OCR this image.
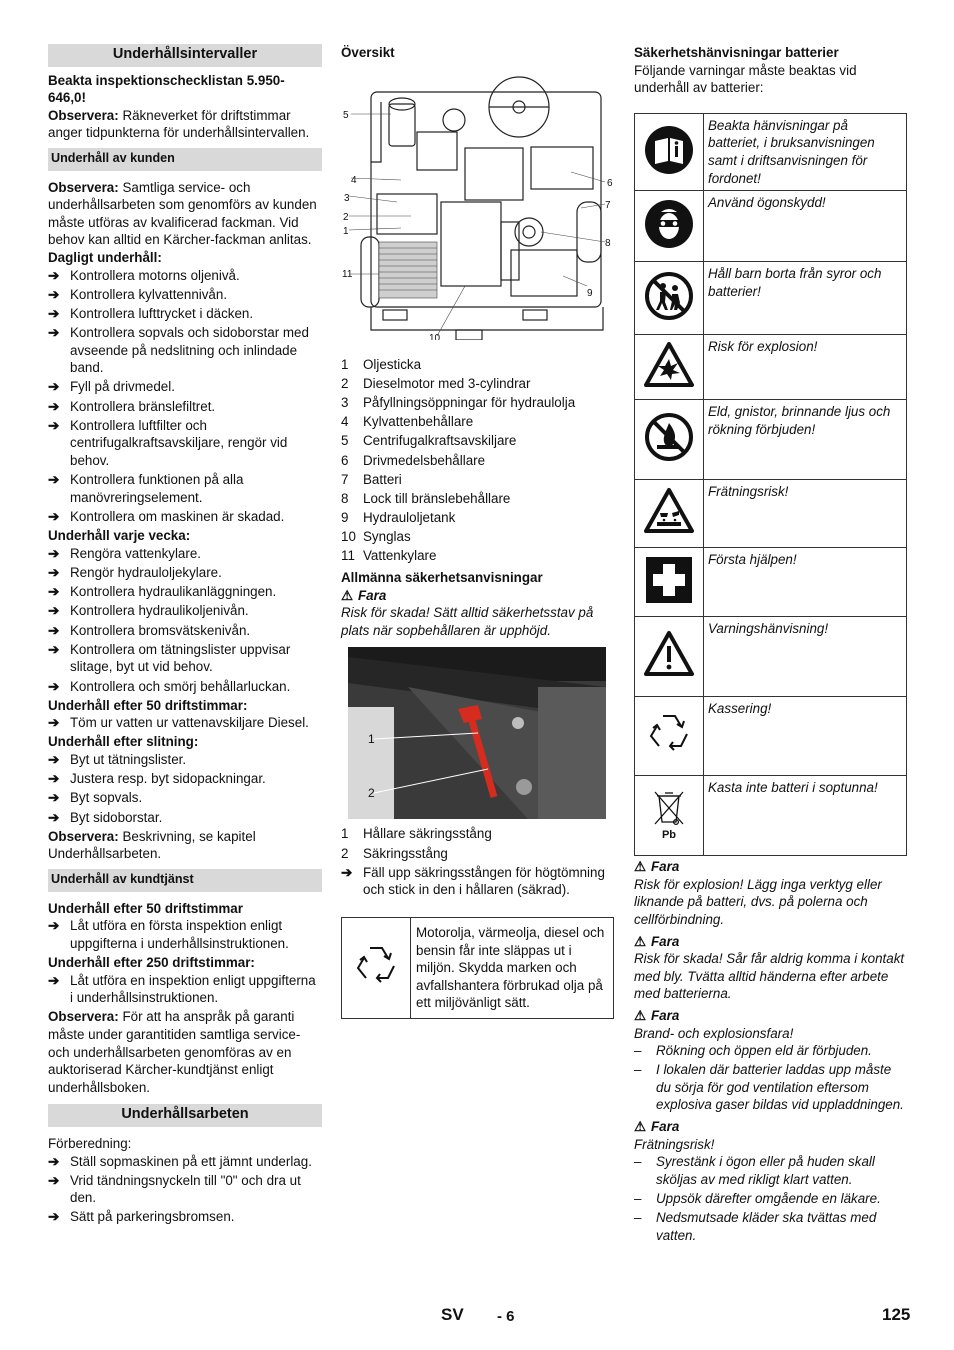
Underhållsintervaller

Beakta inspektionschecklistan 5.950-646,0!

Observera: Räkneverket för driftstimmar anger tidpunkterna för underhållsintervallen.

Underhåll av kunden

Observera: Samtliga service- och underhållsarbeten som genomförs av kunden måste utföras av kvalificerad fackman. Vid behov kan alltid en Kärcher-fackman anlitas.

Dagligt underhåll:

➔ Kontrollera motorns oljenivå.
➔ Kontrollera kylvattennivån.
➔ Kontrollera lufttrycket i däcken.
➔ Kontrollera sopvals och sidoborstar med avseende på nedslitning och inlindade band.
➔ Fyll på drivmedel.
➔ Kontrollera bränslefiltret.
➔ Kontrollera luftfilter och centrifugalkraftsavskiljare, rengör vid behov.
➔ Kontrollera funktionen på alla manövreringselement.
➔ Kontrollera om maskinen är skadad.

Underhåll varje vecka:

➔ Rengöra vattenkylare.
➔ Rengör hydrauloljekylare.
➔ Kontrollera hydraulikanläggningen.
➔ Kontrollera hydraulikoljenivån.
➔ Kontrollera bromsvätskenivån.
➔ Kontrollera om tätningslister uppvisar slitage, byt ut vid behov.
➔ Kontrollera och smörj behållarluckan.

Underhåll efter 50 driftstimmar:

➔ Töm ur vatten ur vattenavskiljare Diesel.

Underhåll efter slitning:

➔ Byt ut tätningslister.
➔ Justera resp. byt sidopackningar.
➔ Byt sopvals.
➔ Byt sidoborstar.

Observera: Beskrivning, se kapitel Underhållsarbeten.

Underhåll av kundtjänst

Underhåll efter 50 driftstimmar

➔ Låt utföra en första inspektion enligt uppgifterna i underhållsinstruktionen.

Underhåll efter 250 driftstimmar:

➔ Låt utföra en inspektion enligt uppgifterna i underhållsinstruktionen.

Observera: För att ha anspråk på garanti måste under garantitiden samtliga service- och underhållsarbeten genomföras av en auktoriserad Kärcher-kundtjänst enligt underhållsboken.

Underhållsarbeten

Förberedning:

➔ Ställ sopmaskinen på ett jämnt underlag.
➔ Vrid tändningsnyckeln till "0" och dra ut den.
➔ Sätt på parkeringsbromsen.

Översikt

5
4
3
2
1
11
6
7
8
9
10
1 Oljesticka
2 Dieselmotor med 3-cylindrar
3 Påfyllningsöppningar för hydraulolja
4 Kylvattenbehållare
5 Centrifugalkraftsavskiljare
6 Drivmedelsbehållare
7 Batteri
8 Lock till bränslebehållare
9 Hydrauloljetank
10 Synglas
11 Vattenkylare

Allmänna säkerhetsanvisningar

⚠ Fara

Risk för skada! Sätt alltid säkerhetsstav på plats när sopbehållaren är upphöjd.

1
2
1 Hållare säkringsstång
2 Säkringsstång
➔ Fäll upp säkringsstången för högtömning och stick in den i hållaren (säkrad).
	Motorolja, värmeolja, diesel och bensin får inte släppas ut i miljön. Skydda marken och avfallshantera förbrukad olja på ett miljövänligt sätt.

Säkerhetshänvisningar batterier

Följande varningar måste beaktas vid underhåll av batterier:

	Beakta hänvisningar på batteriet, i bruksanvisningen samt i driftsanvisningen för fordonet!
	Använd ögonskydd!
	Håll barn borta från syror och batterier!
	Risk för explosion!
	Eld, gnistor, brinnande ljus och rökning förbjuden!
	Frätningsrisk!
	Första hjälpen!
	Varningshänvisning!
	Kassering!

Pb	Kasta inte batteri i soptunna!

⚠ Fara

Risk för explosion! Lägg inga verktyg eller liknande på batteri, dvs. på polerna och cellförbindning.

⚠ Fara

Risk för skada! Sår får aldrig komma i kontakt med bly. Tvätta alltid händerna efter arbete med batterierna.

⚠ Fara

Brand- och explosionsfara!

– Rökning och öppen eld är förbjuden.
– I lokalen där batterier laddas upp måste du sörja för god ventilation eftersom explosiva gaser bildas vid uppladdningen.

⚠ Fara

Frätningsrisk!

– Syrestänk i ögon eller på huden skall sköljas av med rikligt klart vatten.
– Uppsök därefter omgående en läkare.
– Nedsmutsade kläder ska tvättas med vatten.
SV - 6	125
